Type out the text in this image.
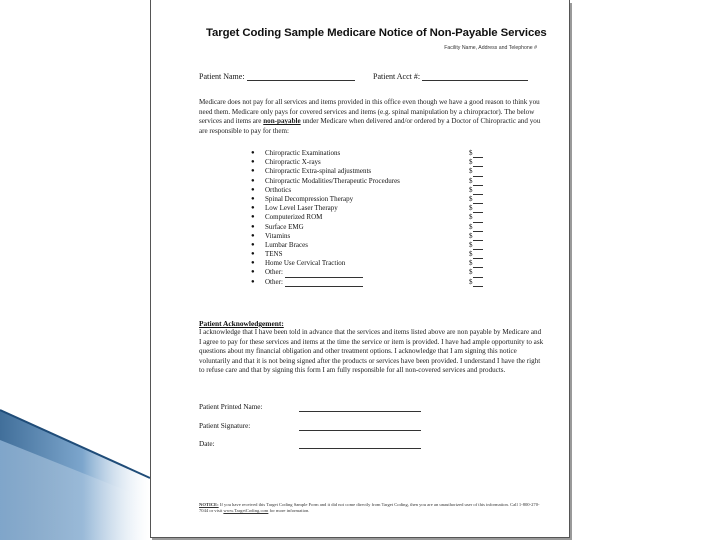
Target Coding Sample Medicare Notice of Non-Payable Services
Facility Name, Address and Telephone #
Patient Name:	Patient Acct #:
Medicare does not pay for all services and items provided in this office even though we have a good reason to think you need them. Medicare only pays for covered services and items (e.g. spinal manipulation by a chiropractor). The below services and items are non-payable under Medicare when delivered and/or ordered by a Doctor of Chiropractic and you are responsible to pay for them:
● Chiropractic Examinations	$
● Chiropractic X-rays	$
● Chiropractic Extra-spinal adjustments	$
● Chiropractic Modalities/Therapeutic Procedures	$
● Orthotics	$
● Spinal Decompression Therapy	$
● Low Level Laser Therapy	$
● Computerized ROM	$
● Surface EMG	$
● Vitamins	$
● Lumbar Braces	$
● TENS	$
● Home Use Cervical Traction	$
● Other:	$
● Other:	$
Patient Acknowledgement:
I acknowledge that I have been told in advance that the services and items listed above are non payable by Medicare and I agree to pay for these services and items at the time the service or item is provided. I have had ample opportunity to ask questions about my financial obligation and other treatment options. I acknowledge that I am signing this notice voluntarily and that it is not being signed after the products or services have been provided. I understand I have the right to refuse care and that by signing this form I am fully responsible for all non-covered services and products.
Patient Printed Name:
Patient Signature:
Date:
NOTICE: If you have received this Target Coding Sample Form and it did not come directly from Target Coding, then you are an unauthorized user of this information. Call 1-800-270-7044 or visit www.TargetCoding.com for more information.
